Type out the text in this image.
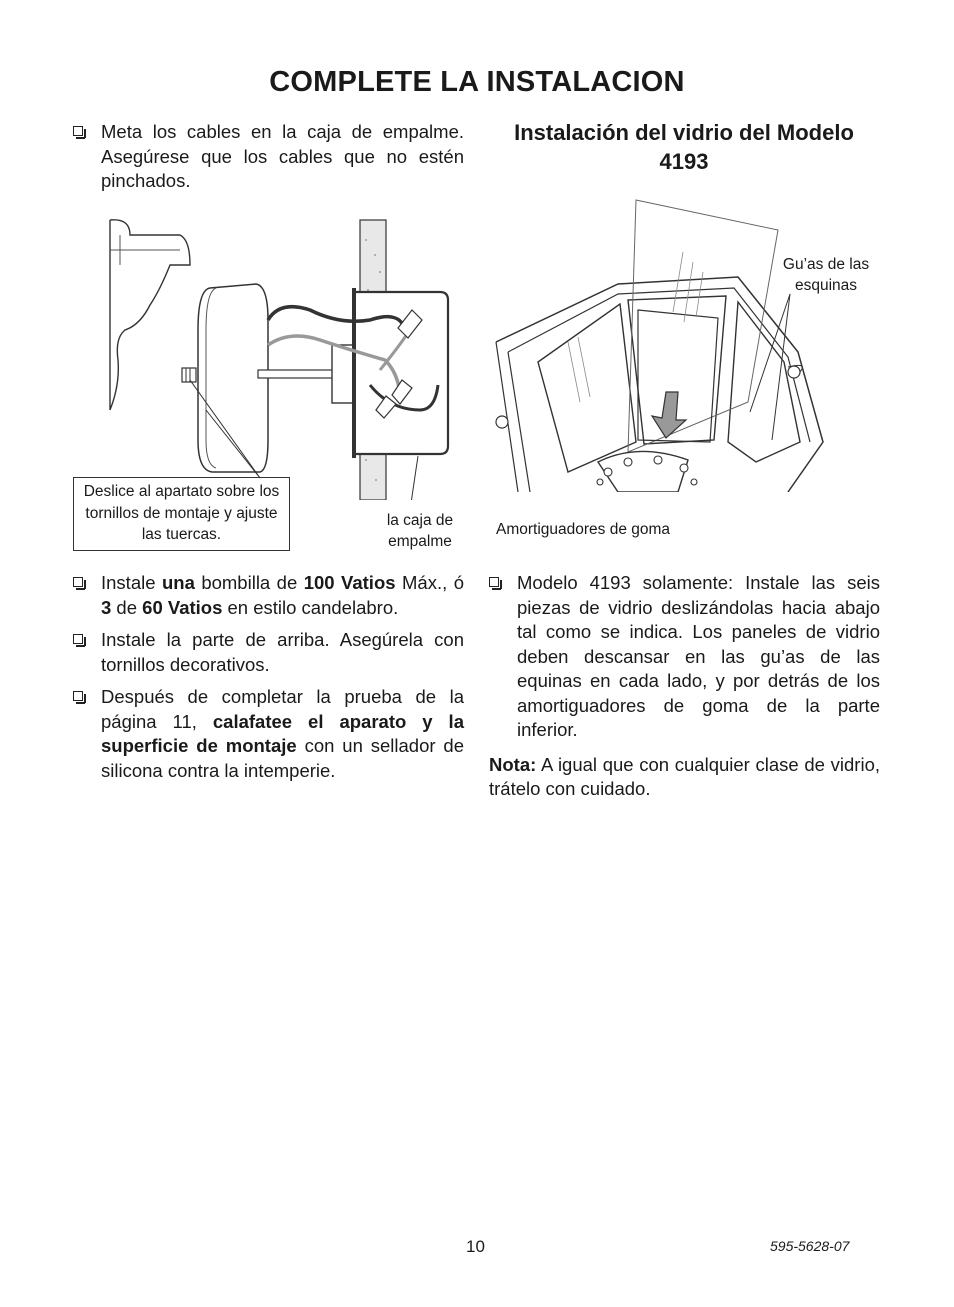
COMPLETE LA INSTALACION
Meta los cables en la caja de empalme. Asegúrese que los cables que no estén pinchados.
Deslice al apartato sobre los tornillos de montaje y ajuste las tuercas.
la caja de empalme
Instale una bombilla de 100 Vatios Máx., ó 3 de 60 Vatios en estilo candelabro.
Instale la parte de arriba. Asegúrela con tornillos decorativos.
Después de completar la prueba de la página 11, calafatee el aparato y la superficie de montaje con un sellador de silicona contra la intemperie.
Instalación del vidrio del Modelo 4193
Gu’as de las esquinas
Amortiguadores de goma
Modelo 4193 solamente: Instale las seis piezas de vidrio deslizándolas hacia abajo tal como se indica. Los paneles de vidrio deben descansar en las gu’as de las equinas en cada lado, y por detrás de los amortiguadores de goma de la parte inferior.
Nota: A igual que con cualquier clase de vidrio, trátelo con cuidado.
10	595-5628-07
